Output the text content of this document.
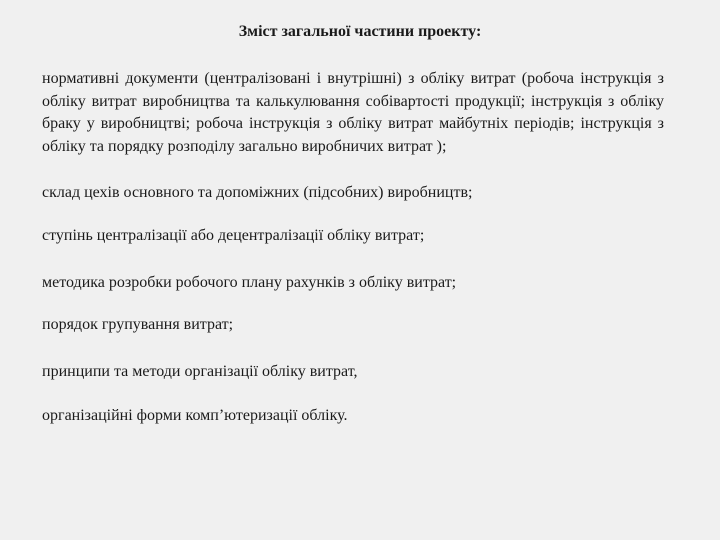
Зміст загальної частини проекту:

нормативні документи (централізовані і внутрішні) з обліку витрат (робоча інструкція з обліку витрат виробництва та калькулювання собівартості продукції; інструкція з обліку браку у виробництві; робоча інструкція з обліку витрат майбутніх періодів; інструкція з обліку та порядку розподілу загально виробничих витрат );

склад цехів основного та допоміжних (підсобних) виробництв;

ступінь централізації або децентралізації обліку витрат;

методика розробки робочого плану рахунків з обліку витрат;

порядок групування витрат;

принципи та методи організації обліку витрат,

організаційні форми комп’ютеризації обліку.
